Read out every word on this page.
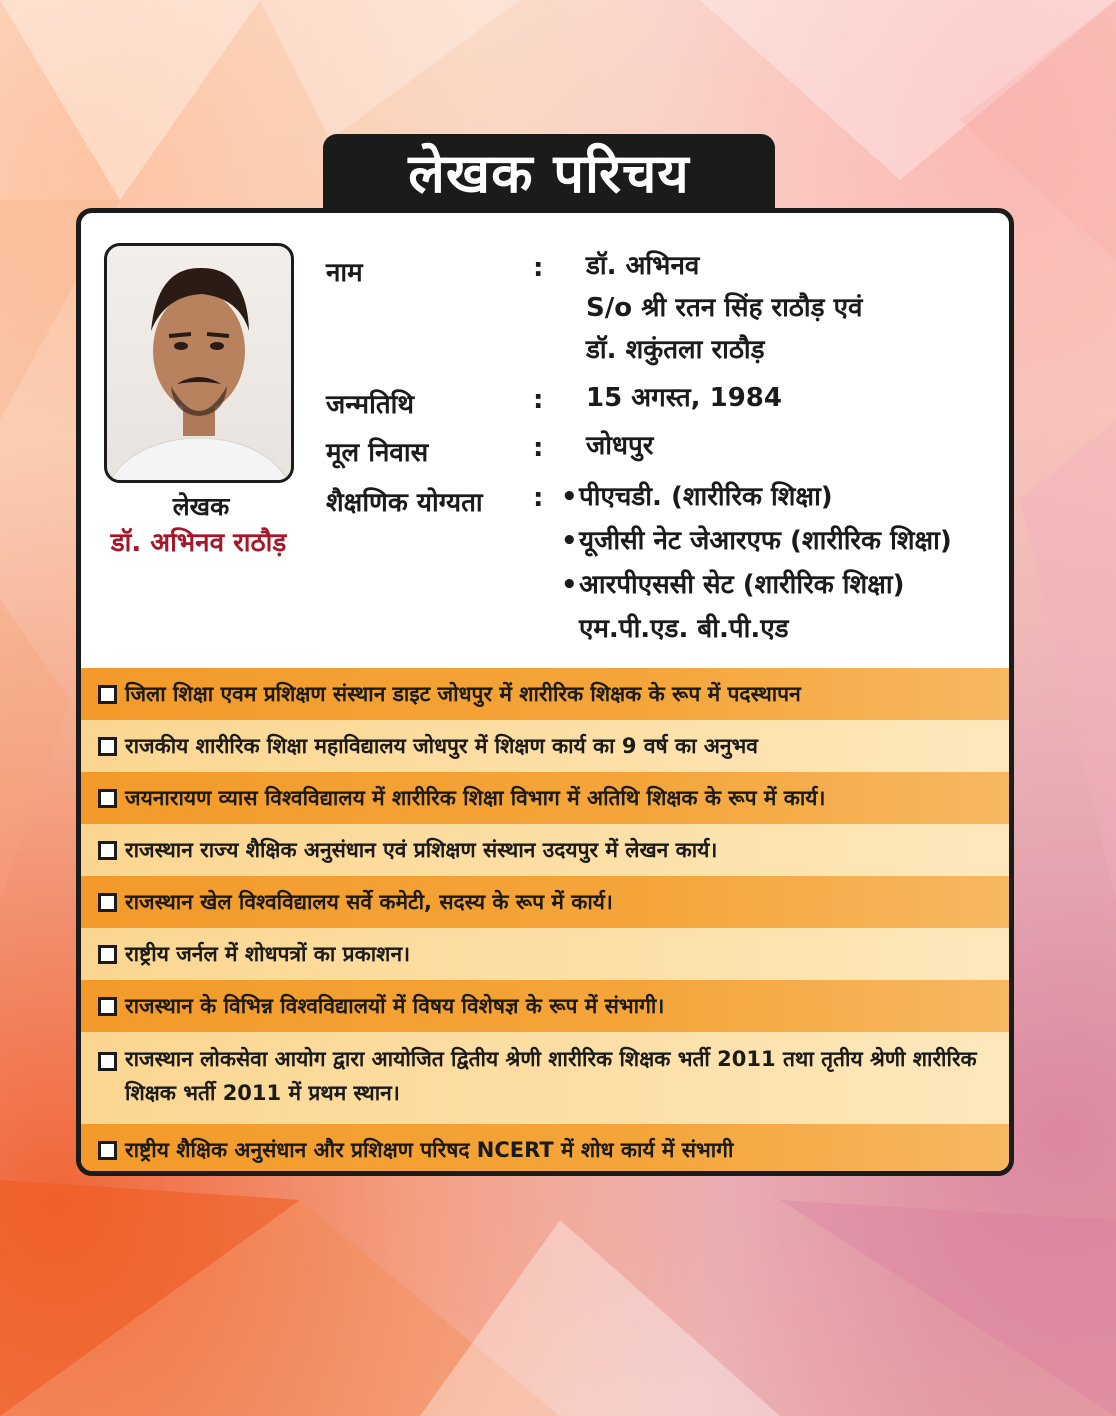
लेखक परिचय
लेखक
डॉ. अभिनव राठौड़
नाम	: डॉ. अभिनव
S/o श्री रतन सिंह राठौड़ एवं
डॉ. शकुंतला राठौड़
जन्मतिथि	: 15 अगस्त, 1984
मूल निवास	: जोधपुर
शैक्षणिक योग्यता : •पीएचडी. (शारीरिक शिक्षा)
•यूजीसी नेट जेआरएफ (शारीरिक शिक्षा)
•आरपीएससी सेट (शारीरिक शिक्षा)
एम.पी.एड. बी.पी.एड
जिला शिक्षा एवम प्रशिक्षण संस्थान डाइट जोधपुर में शारीरिक शिक्षक के रूप में पदस्थापन
राजकीय शारीरिक शिक्षा महाविद्यालय जोधपुर में शिक्षण कार्य का 9 वर्ष का अनुभव
जयनारायण व्यास विश्वविद्यालय में शारीरिक शिक्षा विभाग में अतिथि शिक्षक के रूप में कार्य।
राजस्थान राज्य शैक्षिक अनुसंधान एवं प्रशिक्षण संस्थान उदयपुर में लेखन कार्य।
राजस्थान खेल विश्वविद्यालय सर्वे कमेटी, सदस्य के रूप में कार्य।
राष्ट्रीय जर्नल में शोधपत्रों का प्रकाशन।
राजस्थान के विभिन्न विश्वविद्यालयों में विषय विशेषज्ञ के रूप में संभागी।
राजस्थान लोकसेवा आयोग द्वारा आयोजित द्वितीय श्रेणी शारीरिक शिक्षक भर्ती 2011 तथा तृतीय श्रेणी शारीरिक शिक्षक भर्ती 2011 में प्रथम स्थान।
राष्ट्रीय शैक्षिक अनुसंधान और प्रशिक्षण परिषद NCERT में शोध कार्य में संभागी
